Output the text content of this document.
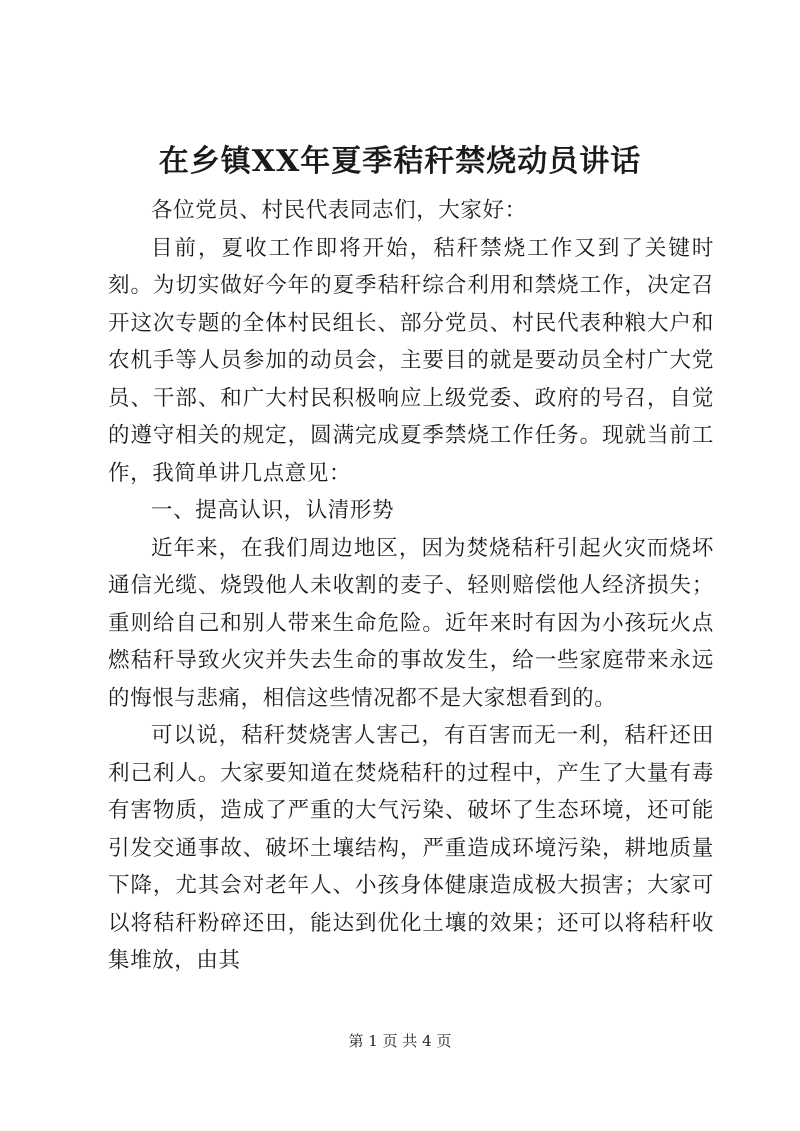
在乡镇XX年夏季秸秆禁烧动员讲话

各位党员、村民代表同志们，大家好：

目前，夏收工作即将开始，秸秆禁烧工作又到了关键时刻。为切实做好今年的夏季秸秆综合利用和禁烧工作，决定召开这次专题的全体村民组长、部分党员、村民代表种粮大户和农机手等人员参加的动员会，主要目的就是要动员全村广大党员、干部、和广大村民积极响应上级党委、政府的号召，自觉的遵守相关的规定，圆满完成夏季禁烧工作任务。现就当前工作，我简单讲几点意见：

一、提高认识，认清形势

近年来，在我们周边地区，因为焚烧秸秆引起火灾而烧坏通信光缆、烧毁他人未收割的麦子、轻则赔偿他人经济损失；重则给自己和别人带来生命危险。近年来时有因为小孩玩火点燃秸秆导致火灾并失去生命的事故发生，给一些家庭带来永远的悔恨与悲痛，相信这些情况都不是大家想看到的。

可以说，秸秆焚烧害人害己，有百害而无一利，秸秆还田利己利人。大家要知道在焚烧秸秆的过程中，产生了大量有毒有害物质，造成了严重的大气污染、破坏了生态环境，还可能引发交通事故、破坏土壤结构，严重造成环境污染，耕地质量下降，尤其会对老年人、小孩身体健康造成极大损害；大家可以将秸秆粉碎还田，能达到优化土壤的效果；还可以将秸秆收集堆放，由其

第 1 页 共 4 页
